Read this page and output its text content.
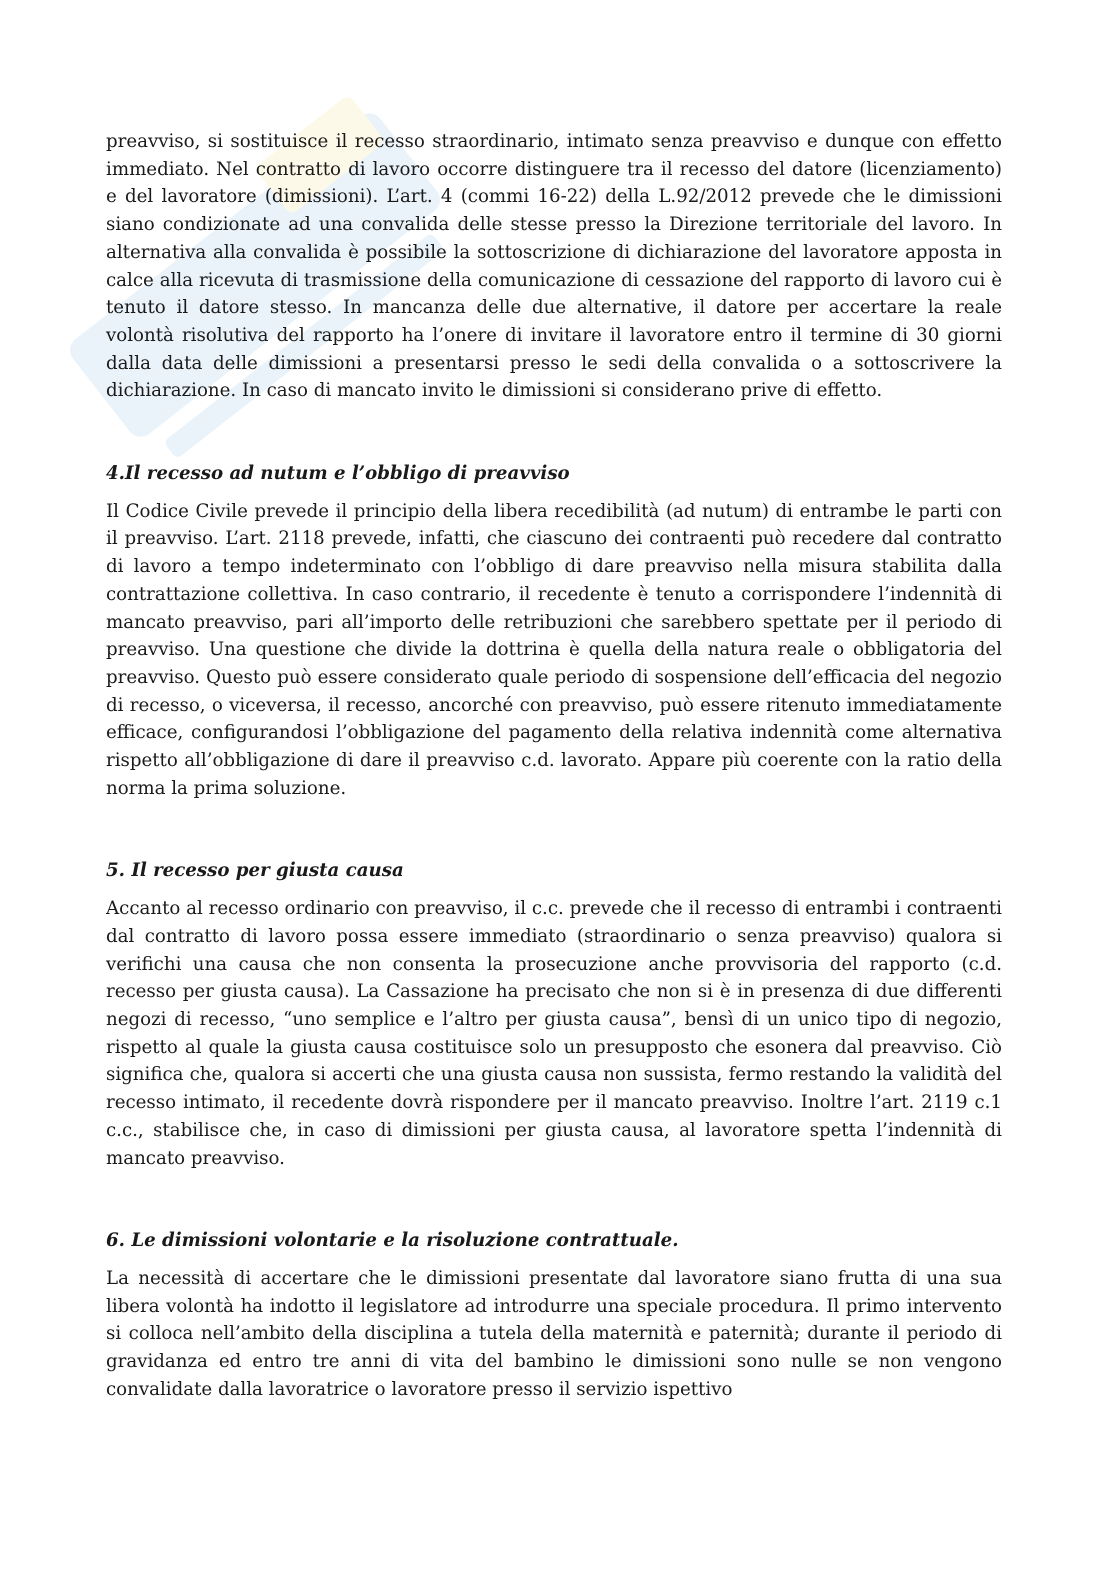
preavviso, si sostituisce il recesso straordinario, intimato senza preavviso e dunque con effetto immediato. Nel contratto di lavoro occorre distinguere tra il recesso del datore (licenziamento) e del lavoratore (dimissioni). L’art. 4 (commi 16-22) della L.92/2012 prevede che le dimissioni siano condizionate ad una convalida delle stesse presso la Direzione territoriale del lavoro. In alternativa alla convalida è possibile la sottoscrizione di dichiarazione del lavoratore apposta in calce alla ricevuta di trasmissione della comunicazione di cessazione del rapporto di lavoro cui è tenuto il datore stesso. In mancanza delle due alternative, il datore per accertare la reale volontà risolutiva del rapporto ha l’onere di invitare il lavoratore entro il termine di 30 giorni dalla data delle dimissioni a presentarsi presso le sedi della convalida o a sottoscrivere la dichiarazione. In caso di mancato invito le dimissioni si considerano prive di effetto.

4.Il recesso ad nutum e l’obbligo di preavviso

Il Codice Civile prevede il principio della libera recedibilità (ad nutum) di entrambe le parti con il preavviso. L’art. 2118 prevede, infatti, che ciascuno dei contraenti può recedere dal contratto di lavoro a tempo indeterminato con l’obbligo di dare preavviso nella misura stabilita dalla contrattazione collettiva. In caso contrario, il recedente è tenuto a corrispondere l’indennità di mancato preavviso, pari all’importo delle retribuzioni che sarebbero spettate per il periodo di preavviso. Una questione che divide la dottrina è quella della natura reale o obbligatoria del preavviso. Questo può essere considerato quale periodo di sospensione dell’efficacia del negozio di recesso, o viceversa, il recesso, ancorché con preavviso, può essere ritenuto immediatamente efficace, configurandosi l’obbligazione del pagamento della relativa indennità come alternativa rispetto all’obbligazione di dare il preavviso c.d. lavorato. Appare più coerente con la ratio della norma la prima soluzione.

5. Il recesso per giusta causa

Accanto al recesso ordinario con preavviso, il c.c. prevede che il recesso di entrambi i contraenti dal contratto di lavoro possa essere immediato (straordinario o senza preavviso) qualora si verifichi una causa che non consenta la prosecuzione anche provvisoria del rapporto (c.d. recesso per giusta causa). La Cassazione ha precisato che non si è in presenza di due differenti negozi di recesso, “uno semplice e l’altro per giusta causa”, bensì di un unico tipo di negozio, rispetto al quale la giusta causa costituisce solo un presupposto che esonera dal preavviso. Ciò significa che, qualora si accerti che una giusta causa non sussista, fermo restando la validità del recesso intimato, il recedente dovrà rispondere per il mancato preavviso. Inoltre l’art. 2119 c.1 c.c., stabilisce che, in caso di dimissioni per giusta causa, al lavoratore spetta l’indennità di mancato preavviso.

6. Le dimissioni volontarie e la risoluzione contrattuale.

La necessità di accertare che le dimissioni presentate dal lavoratore siano frutta di una sua libera volontà ha indotto il legislatore ad introdurre una speciale procedura. Il primo intervento si colloca nell’ambito della disciplina a tutela della maternità e paternità; durante il periodo di gravidanza ed entro tre anni di vita del bambino le dimissioni sono nulle se non vengono convalidate dalla lavoratrice o lavoratore presso il servizio ispettivo
